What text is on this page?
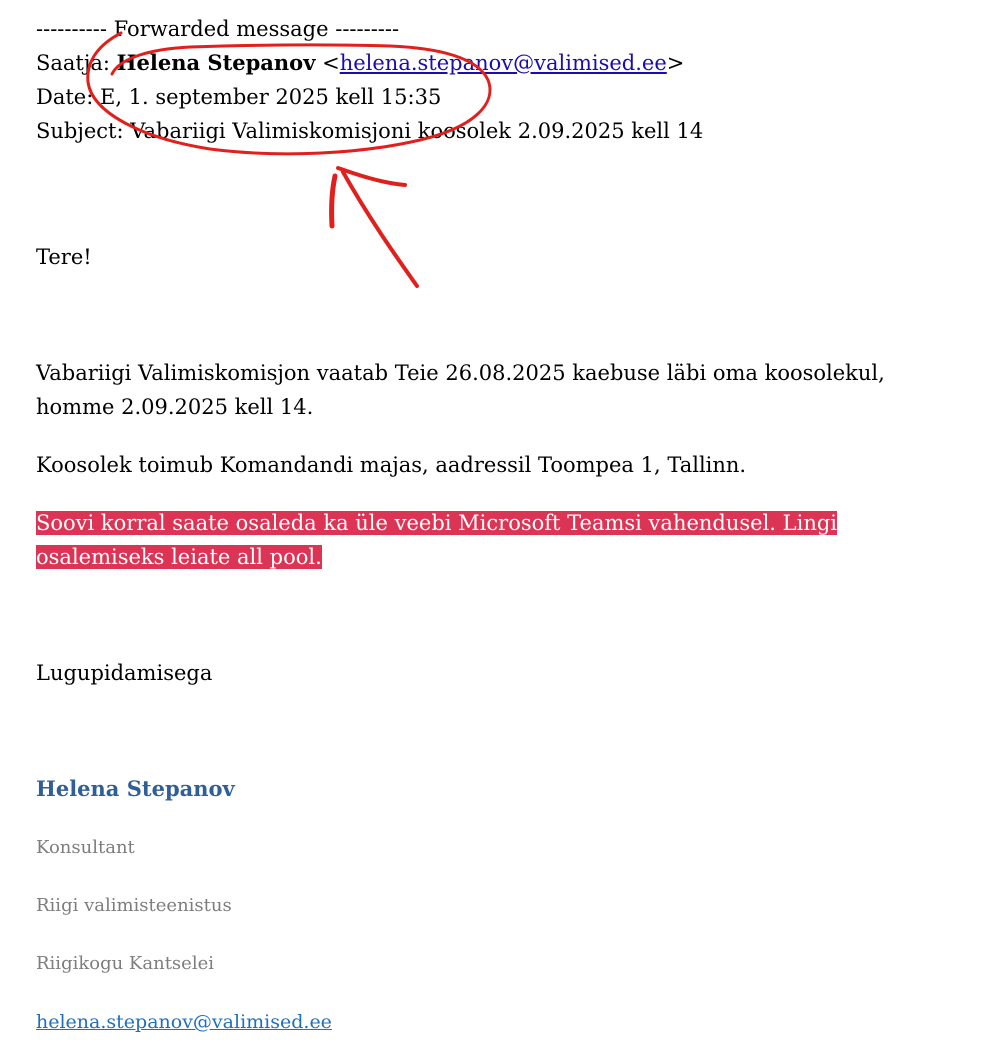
---------- Forwarded message ---------
Saatja: Helena Stepanov <helena.stepanov@valimised.ee>
Date: E, 1. september 2025 kell 15:35
Subject: Vabariigi Valimiskomisjoni koosolek 2.09.2025 kell 14
Tere!
Vabariigi Valimiskomisjon vaatab Teie 26.08.2025 kaebuse läbi oma koosolekul, homme 2.09.2025 kell 14.
Koosolek toimub Komandandi majas, aadressil Toompea 1, Tallinn.
Soovi korral saate osaleda ka üle veebi Microsoft Teamsi vahendusel. Lingi osalemiseks leiate all pool.
Lugupidamisega
Helena Stepanov
Konsultant
Riigi valimisteenistus
Riigikogu Kantselei
helena.stepanov@valimised.ee
